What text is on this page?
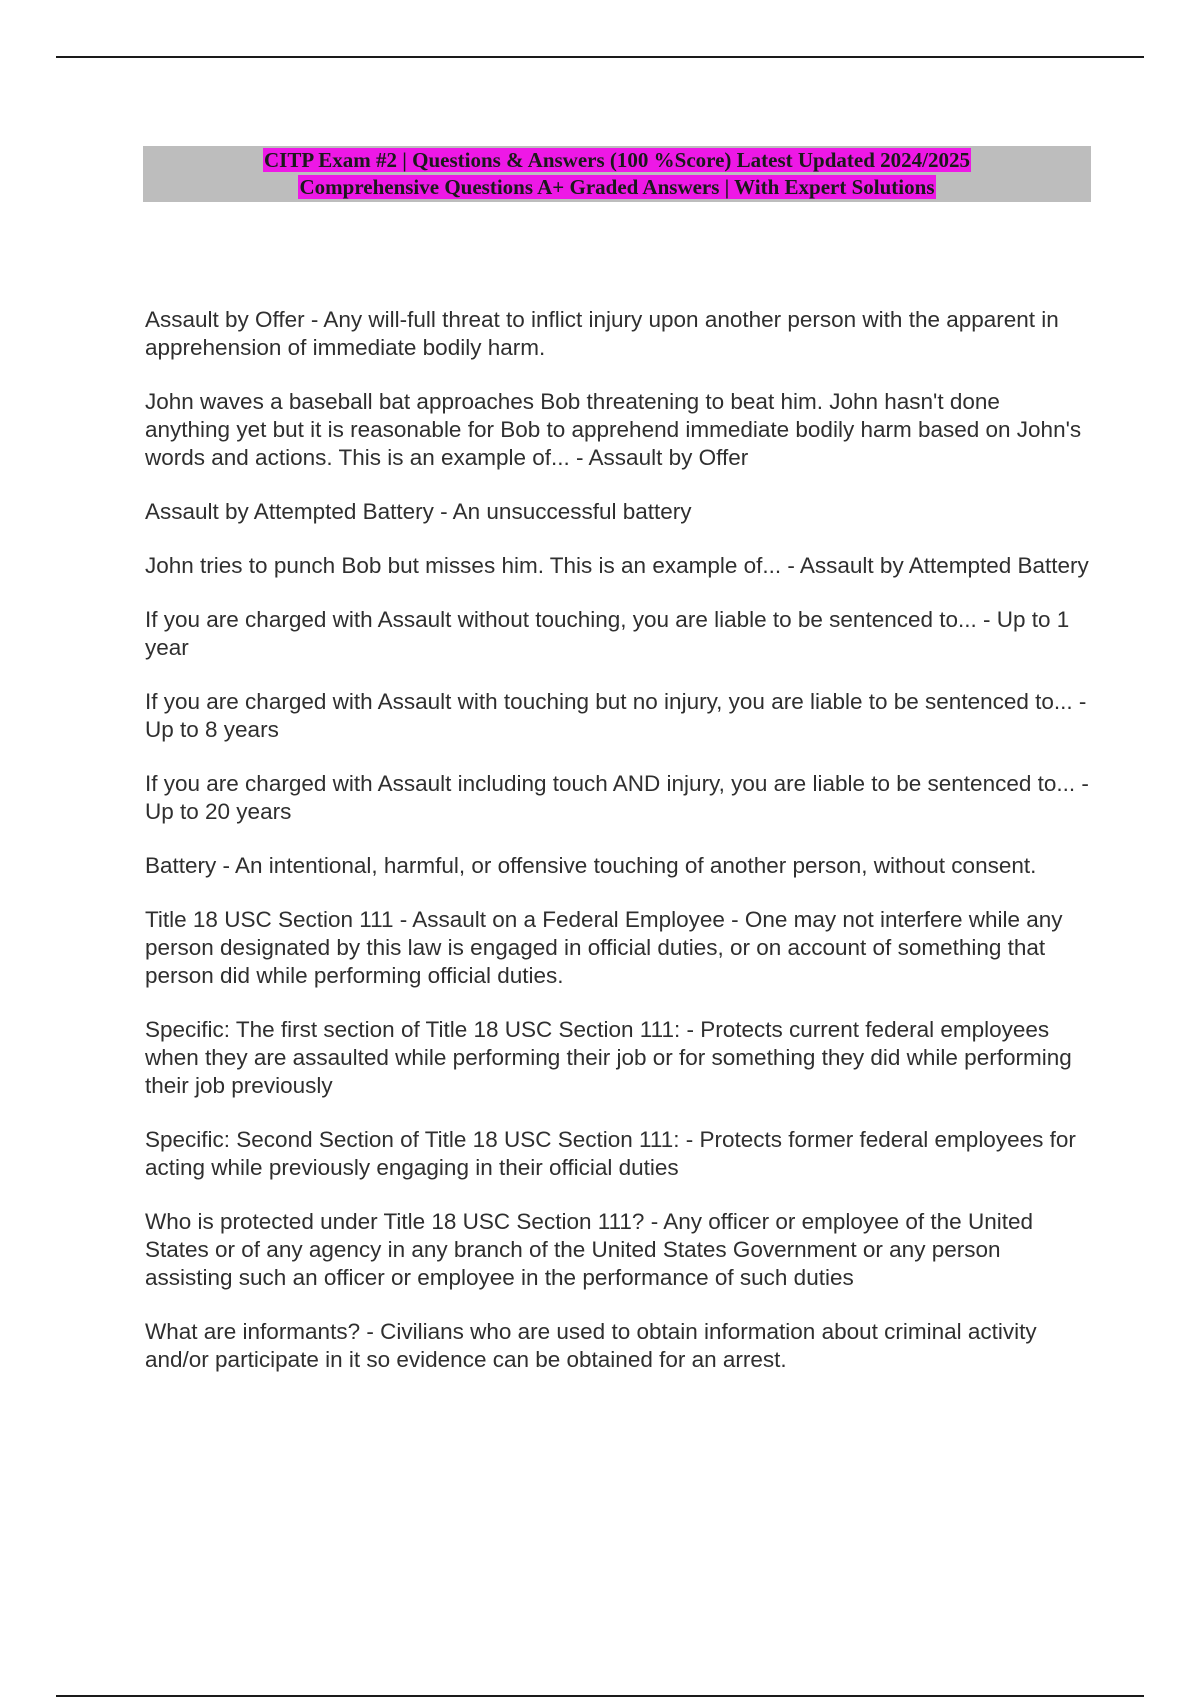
CITP Exam #2 | Questions & Answers (100 %Score) Latest Updated 2024/2025
Comprehensive Questions A+ Graded Answers | With Expert Solutions

Assault by Offer - Any will-full threat to inflict injury upon another person with the apparent in apprehension of immediate bodily harm.

John waves a baseball bat approaches Bob threatening to beat him. John hasn't done anything yet but it is reasonable for Bob to apprehend immediate bodily harm based on John's words and actions. This is an example of... - Assault by Offer

Assault by Attempted Battery - An unsuccessful battery

John tries to punch Bob but misses him. This is an example of... - Assault by Attempted Battery

If you are charged with Assault without touching, you are liable to be sentenced to... - Up to 1 year

If you are charged with Assault with touching but no injury, you are liable to be sentenced to... - Up to 8 years

If you are charged with Assault including touch AND injury, you are liable to be sentenced to... - Up to 20 years

Battery - An intentional, harmful, or offensive touching of another person, without consent.

Title 18 USC Section 111 - Assault on a Federal Employee - One may not interfere while any person designated by this law is engaged in official duties, or on account of something that person did while performing official duties.

Specific: The first section of Title 18 USC Section 111: - Protects current federal employees when they are assaulted while performing their job or for something they did while performing their job previously

Specific: Second Section of Title 18 USC Section 111: - Protects former federal employees for acting while previously engaging in their official duties

Who is protected under Title 18 USC Section 111? - Any officer or employee of the United States or of any agency in any branch of the United States Government or any person assisting such an officer or employee in the performance of such duties

What are informants? - Civilians who are used to obtain information about criminal activity and/or participate in it so evidence can be obtained for an arrest.
